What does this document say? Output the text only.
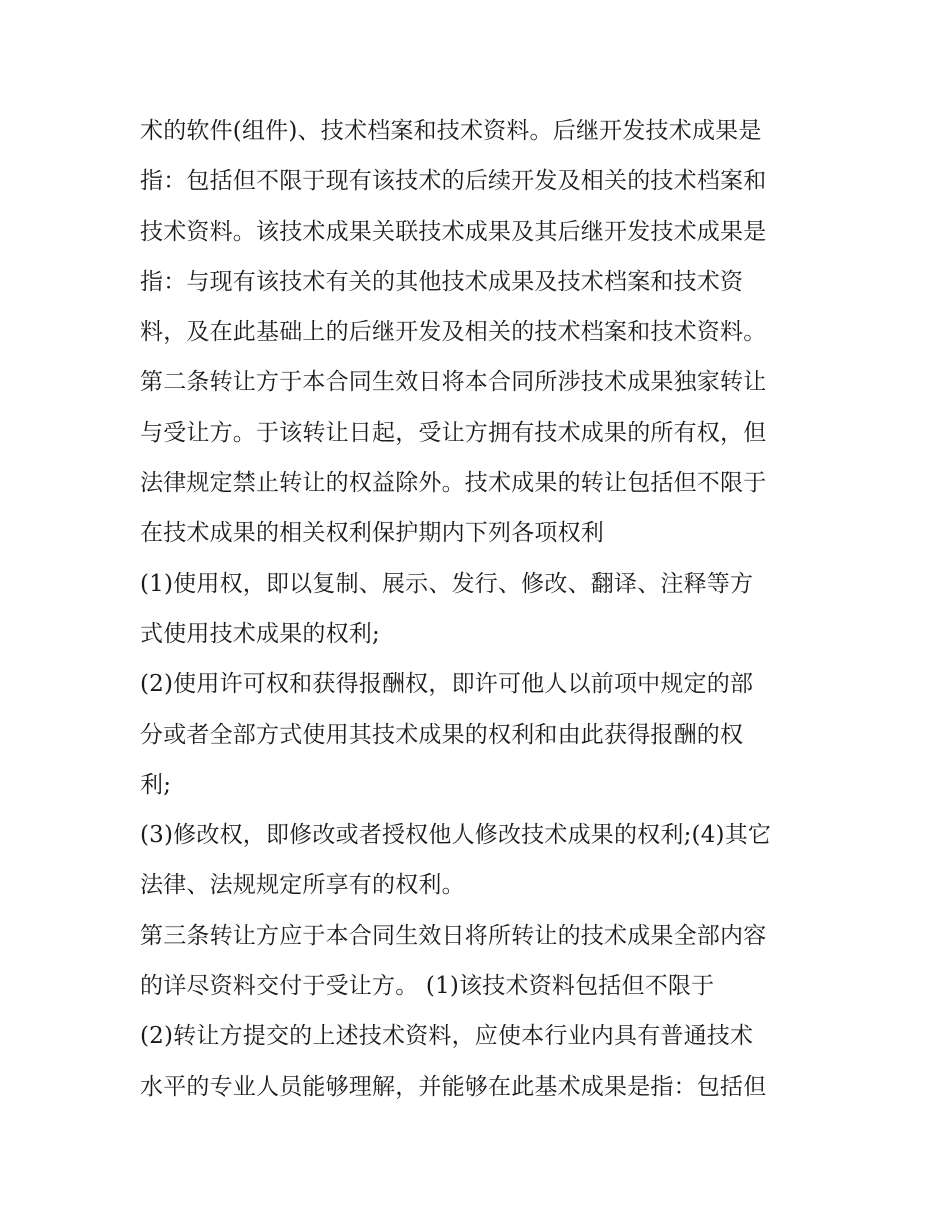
术的软件(组件)、技术档案和技术资料。后继开发技术成果是
指：包括但不限于现有该技术的后续开发及相关的技术档案和
技术资料。该技术成果关联技术成果及其后继开发技术成果是
指：与现有该技术有关的其他技术成果及技术档案和技术资
料，及在此基础上的后继开发及相关的技术档案和技术资料。
第二条转让方于本合同生效日将本合同所涉技术成果独家转让
与受让方。于该转让日起，受让方拥有技术成果的所有权，但
法律规定禁止转让的权益除外。技术成果的转让包括但不限于
在技术成果的相关权利保护期内下列各项权利
(1)使用权，即以复制、展示、发行、修改、翻译、注释等方
式使用技术成果的权利;
(2)使用许可权和获得报酬权，即许可他人以前项中规定的部
分或者全部方式使用其技术成果的权利和由此获得报酬的权
利;
(3)修改权，即修改或者授权他人修改技术成果的权利;(4)其它
法律、法规规定所享有的权利。
第三条转让方应于本合同生效日将所转让的技术成果全部内容
的详尽资料交付于受让方。 (1)该技术资料包括但不限于
(2)转让方提交的上述技术资料，应使本行业内具有普通技术
水平的专业人员能够理解，并能够在此基术成果是指：包括但
